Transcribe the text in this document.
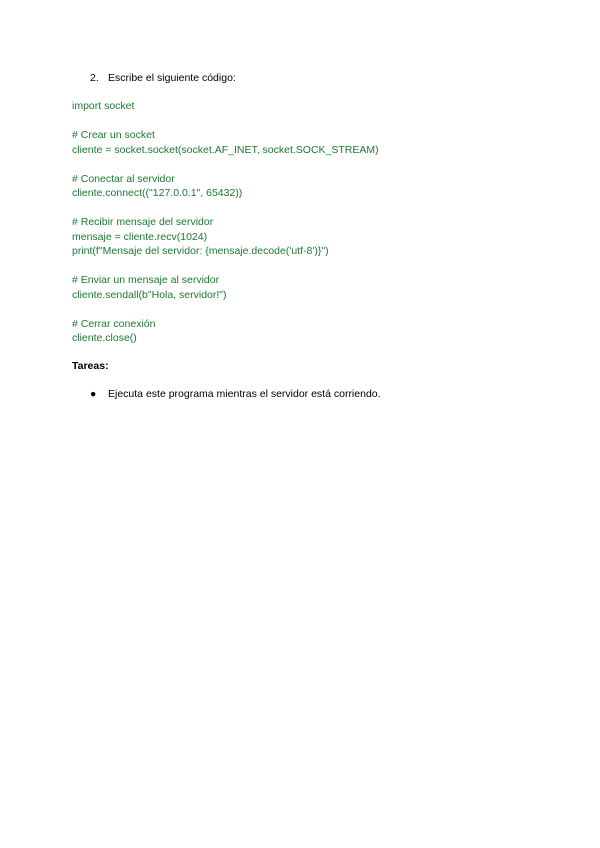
2. Escribe el siguiente código:
import socket
# Crear un socket
cliente = socket.socket(socket.AF_INET, socket.SOCK_STREAM)
# Conectar al servidor
cliente.connect(("127.0.0.1", 65432))
# Recibir mensaje del servidor
mensaje = cliente.recv(1024)
print(f"Mensaje del servidor: {mensaje.decode('utf-8')}")
# Enviar un mensaje al servidor
cliente.sendall(b"Hola, servidor!")
# Cerrar conexión
cliente.close()
Tareas:
●	Ejecuta este programa mientras el servidor está corriendo.
